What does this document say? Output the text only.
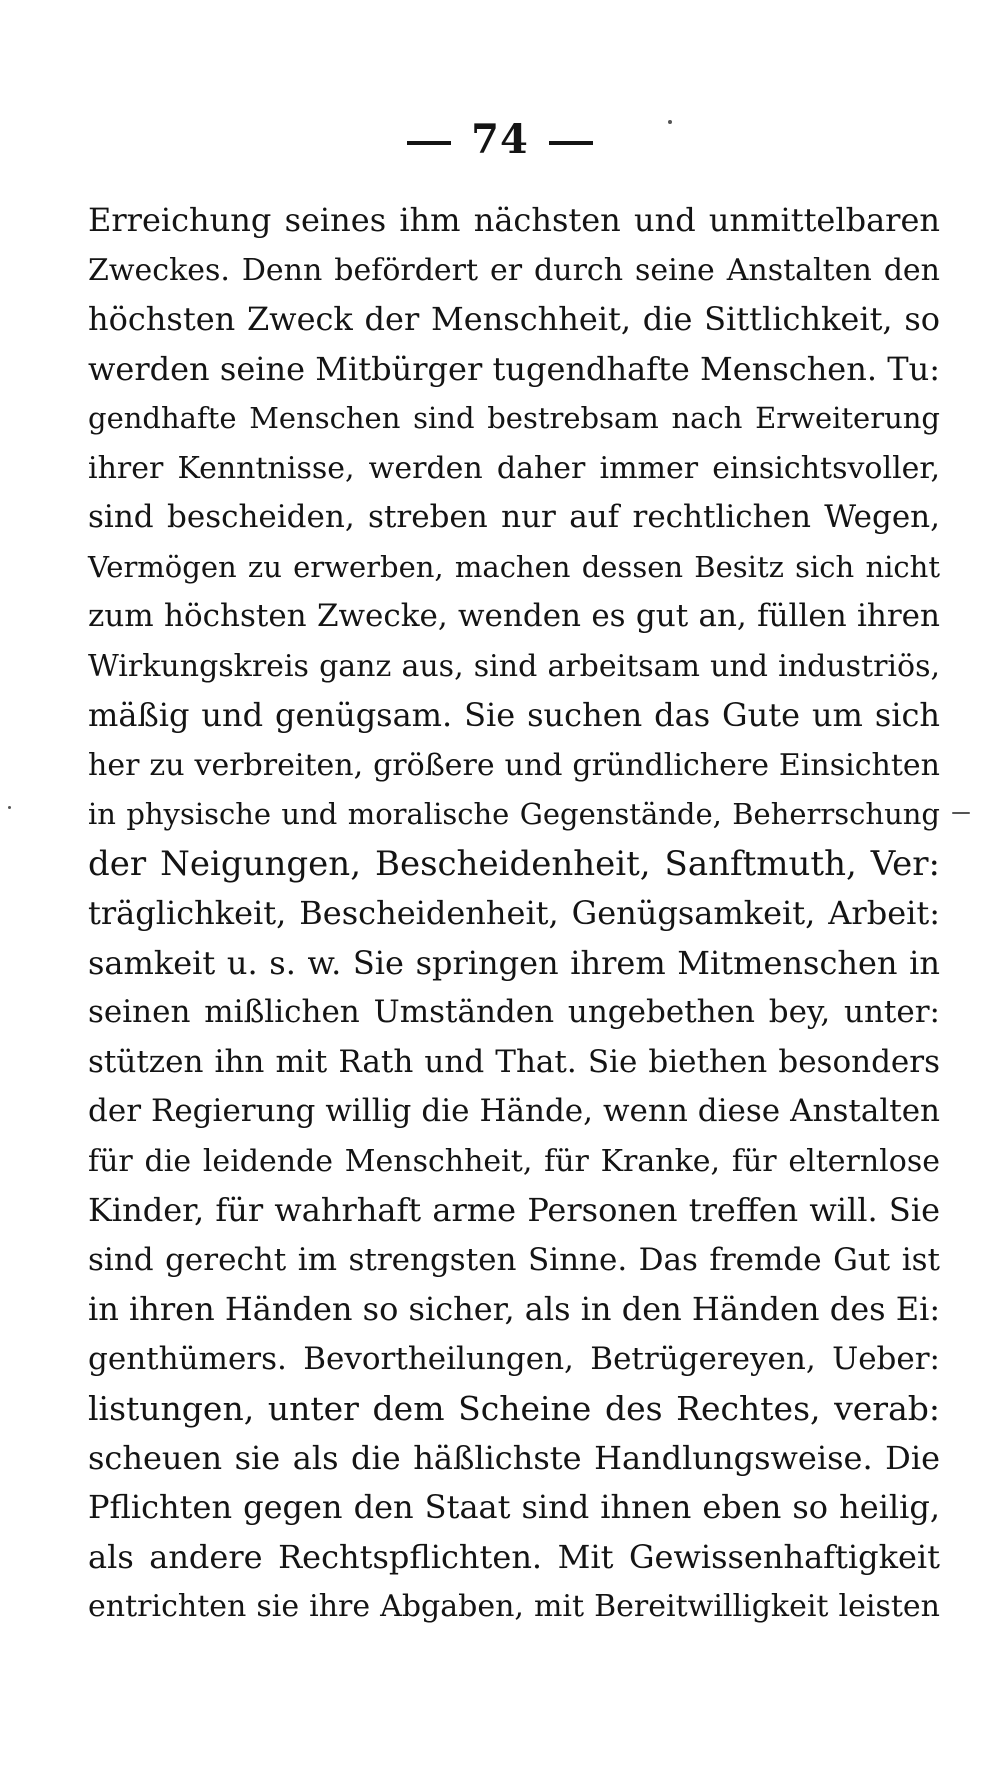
74
Erreichung seines ihm nächsten und unmittelbaren
Zweckes. Denn befördert er durch seine Anstalten den
höchsten Zweck der Menschheit, die Sittlichkeit, so
werden seine Mitbürger tugendhafte Menschen. Tu:
gendhafte Menschen sind bestrebsam nach Erweiterung
ihrer Kenntnisse, werden daher immer einsichtsvoller,
sind bescheiden, streben nur auf rechtlichen Wegen,
Vermögen zu erwerben, machen dessen Besitz sich nicht
zum höchsten Zwecke, wenden es gut an, füllen ihren
Wirkungskreis ganz aus, sind arbeitsam und industriös,
mäßig und genügsam. Sie suchen das Gute um sich
her zu verbreiten, größere und gründlichere Einsichten
in physische und moralische Gegenstände, Beherrschung
der Neigungen, Bescheidenheit, Sanftmuth, Ver:
träglichkeit, Bescheidenheit, Genügsamkeit, Arbeit:
samkeit u. s. w. Sie springen ihrem Mitmenschen in
seinen mißlichen Umständen ungebethen bey, unter:
stützen ihn mit Rath und That. Sie biethen besonders
der Regierung willig die Hände, wenn diese Anstalten
für die leidende Menschheit, für Kranke, für elternlose
Kinder, für wahrhaft arme Personen treffen will. Sie
sind gerecht im strengsten Sinne. Das fremde Gut ist
in ihren Händen so sicher, als in den Händen des Ei:
genthümers. Bevortheilungen, Betrügereyen, Ueber:
listungen, unter dem Scheine des Rechtes, verab:
scheuen sie als die häßlichste Handlungsweise. Die
Pflichten gegen den Staat sind ihnen eben so heilig,
als andere Rechtspflichten. Mit Gewissenhaftigkeit
entrichten sie ihre Abgaben, mit Bereitwilligkeit leisten
